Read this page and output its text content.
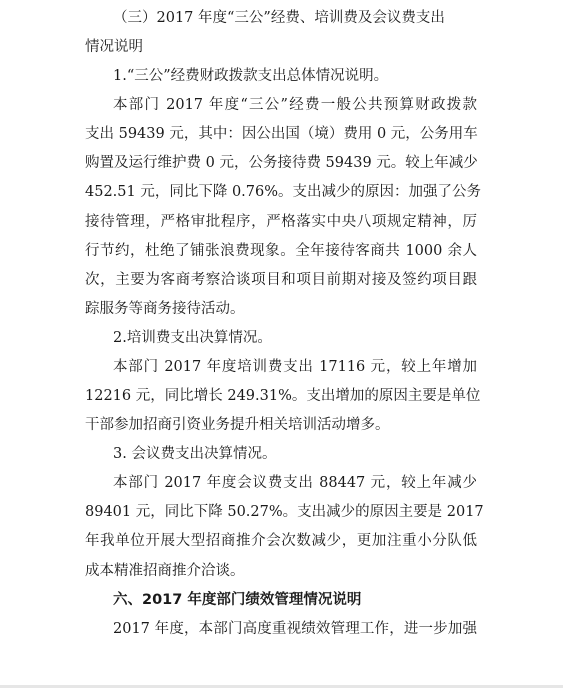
（三）2017 年度“三公”经费、培训费及会议费支出
情况说明
1.“三公”经费财政拨款支出总体情况说明。
本部门 2017 年度“三公”经费一般公共预算财政拨款
支出 59439 元，其中：因公出国（境）费用 0 元，公务用车
购置及运行维护费 0 元，公务接待费 59439 元。较上年减少
452.51 元，同比下降 0.76%。支出减少的原因：加强了公务
接待管理，严格审批程序，严格落实中央八项规定精神，厉
行节约，杜绝了铺张浪费现象。全年接待客商共 1000 余人
次，主要为客商考察洽谈项目和项目前期对接及签约项目跟
踪服务等商务接待活动。
2.培训费支出决算情况。
本部门 2017 年度培训费支出 17116 元，较上年增加
12216 元，同比增长 249.31%。支出增加的原因主要是单位
干部参加招商引资业务提升相关培训活动增多。
3. 会议费支出决算情况。
本部门 2017 年度会议费支出 88447 元，较上年减少
89401 元，同比下降 50.27%。支出减少的原因主要是 2017
年我单位开展大型招商推介会次数减少，更加注重小分队低
成本精准招商推介洽谈。
六、2017 年度部门绩效管理情况说明
2017 年度，本部门高度重视绩效管理工作，进一步加强
